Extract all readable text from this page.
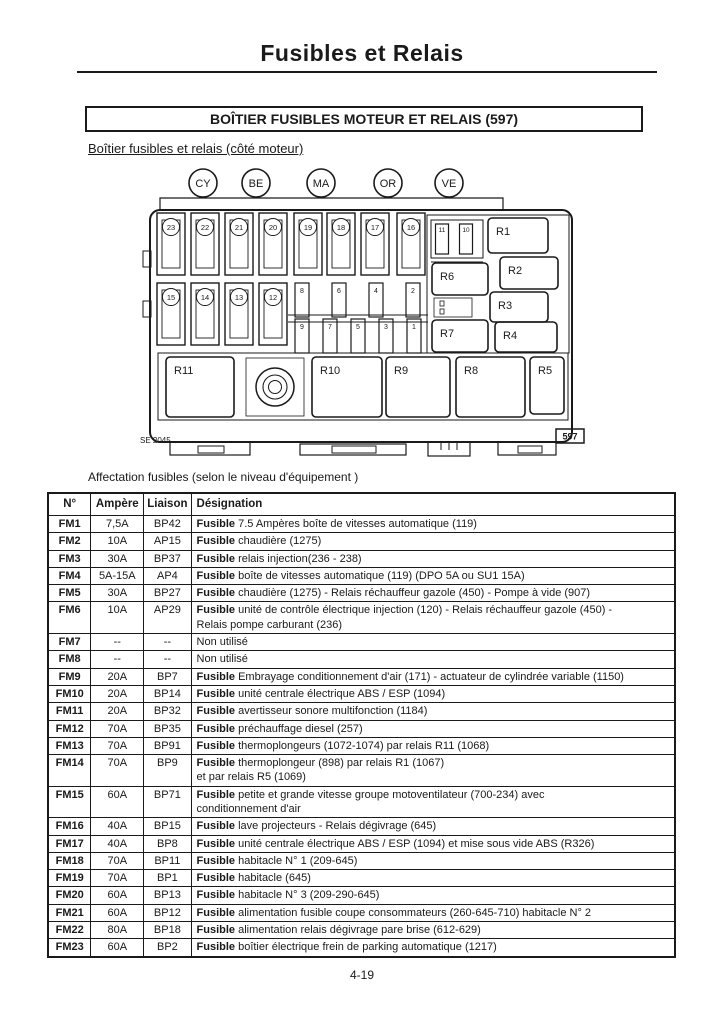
Fusibles et Relais
BOÎTIER FUSIBLES MOTEUR ET RELAIS (597)
Boîtier fusibles et relais (côté moteur)
CY	BE	MA	OR	VE
23	22	21	20	19	18	17	16
15	14	13	12
8	6	4	2
9	7	5	3	1
11	10 R1
R2
R3
R4
R6
R7
R11	R10	R9	R8	R5
SE 2045	597
Affectation fusibles (selon le niveau d'équipement )
N°	Ampère	Liaison	Désignation
FM1	7,5A	BP42	Fusible 7.5 Ampères boîte de vitesses automatique (119)
FM2	10A	AP15	Fusible chaudière (1275)
FM3	30A	BP37	Fusible relais injection(236 - 238)
FM4	5A-15A	AP4	Fusible boîte de vitesses automatique (119) (DPO 5A ou SU1 15A)
FM5	30A	BP27	Fusible chaudière (1275) - Relais réchauffeur gazole (450) - Pompe à vide (907)
FM6	10A	AP29	Fusible unité de contrôle électrique injection (120) - Relais réchauffeur gazole (450) -
Relais pompe carburant (236)
FM7	--	--	Non utilisé
FM8	--	--	Non utilisé
FM9	20A	BP7	Fusible Embrayage conditionnement d'air (171) - actuateur de cylindrée variable (1150)
FM10	20A	BP14	Fusible unité centrale électrique ABS / ESP (1094)
FM11	20A	BP32	Fusible avertisseur sonore multifonction (1184)
FM12	70A	BP35	Fusible préchauffage diesel (257)
FM13	70A	BP91	Fusible thermoplongeurs (1072-1074) par relais R11 (1068)
FM14	70A	BP9	Fusible thermoplongeur (898) par relais R1 (1067)
et par relais R5 (1069)
FM15	60A	BP71	Fusible petite et grande vitesse groupe motoventilateur (700-234) avec
conditionnement d'air
FM16	40A	BP15	Fusible lave projecteurs - Relais dégivrage (645)
FM17	40A	BP8	Fusible unité centrale électrique ABS / ESP (1094) et mise sous vide ABS (R326)
FM18	70A	BP11	Fusible habitacle N° 1 (209-645)
FM19	70A	BP1	Fusible habitacle (645)
FM20	60A	BP13	Fusible habitacle N° 3 (209-290-645)
FM21	60A	BP12	Fusible alimentation fusible coupe consommateurs (260-645-710) habitacle N° 2
FM22	80A	BP18	Fusible alimentation relais dégivrage pare brise (612-629)
FM23	60A	BP2	Fusible boîtier électrique frein de parking automatique (1217)
4-19
